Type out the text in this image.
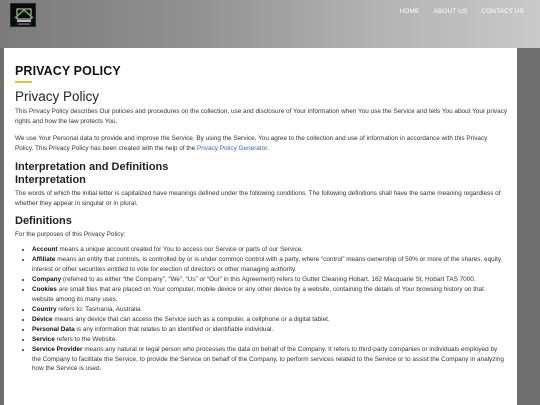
HOME	ABOUT US	CONTACT US
PRIVACY POLICY
Privacy Policy

This Privacy Policy describes Our policies and procedures on the collection, use and disclosure of Your information when You use the Service and tells You about Your privacy rights and how the law protects You.

We use Your Personal data to provide and improve the Service. By using the Service, You agree to the collection and use of information in accordance with this Privacy Policy. This Privacy Policy has been created with the help of the Privacy Policy Generator.

Interpretation and Definitions
Interpretation

The words of which the initial letter is capitalized have meanings defined under the following conditions. The following definitions shall have the same meaning regardless of whether they appear in singular or in plural.

Definitions

For the purposes of this Privacy Policy:

• Account means a unique account created for You to access our Service or parts of our Service.
• Affiliate means an entity that controls, is controlled by or is under common control with a party, where “control” means ownership of 50% or more of the shares, equity interest or other securities entitled to vote for election of directors or other managing authority.
• Company (referred to as either “the Company”, “We”, “Us” or “Our” in this Agreement) refers to Gutter Cleaning Hobart, 162 Macquarie St, Hobart TAS 7000.
• Cookies are small files that are placed on Your computer, mobile device or any other device by a website, containing the details of Your browsing history on that website among its many uses.
• Country refers to: Tasmania, Australia
• Device means any device that can access the Service such as a computer, a cellphone or a digital tablet.
• Personal Data is any information that relates to an identified or identifiable individual.
• Service refers to the Website.
• Service Provider means any natural or legal person who processes the data on behalf of the Company. It refers to third-party companies or individuals employed by the Company to facilitate the Service, to provide the Service on behalf of the Company, to perform services related to the Service or to assist the Company in analyzing how the Service is used.
